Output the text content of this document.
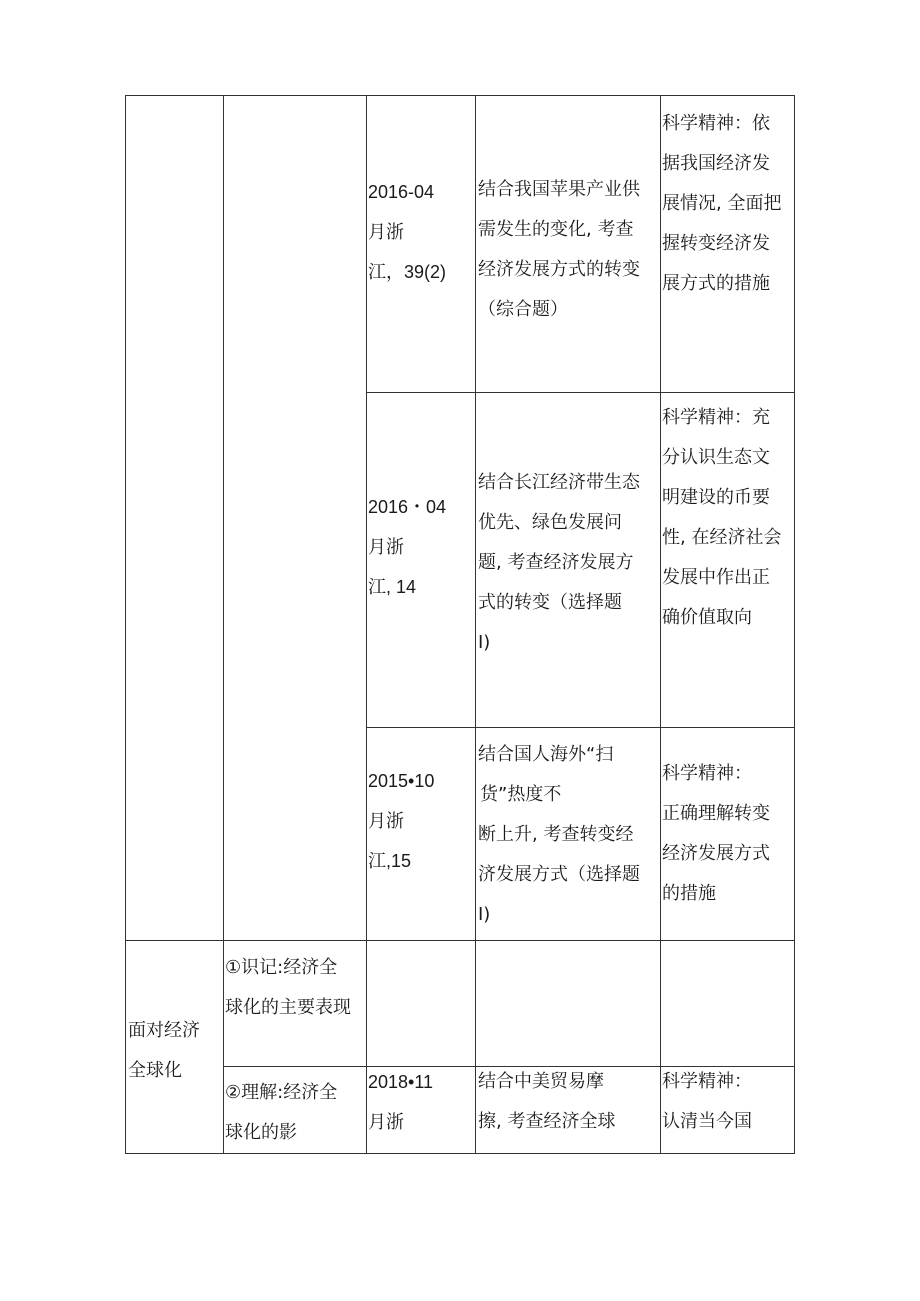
2016-04
月浙
江，39(2)
结合我国苹果产业供
需发生的变化, 考查
经济发展方式的转变
（综合题）
科学精神：依
据我国经济发
展情况, 全面把
握转变经济发
展方式的措施
2016・04
月浙
江, 14
结合长江经济带生态
优先、绿色发展问
题, 考查经济发展方
式的转变（选择题
I)
科学精神：充
分认识生态文
明建设的币要
性, 在经济社会
发展中作出正
确价值取向
2015•10
月浙
江,15
结合国人海外“扫
货”热度不
断上升, 考查转变经
济发展方式（选择题
I)
科学精神：
正确理解转变
经济发展方式
的措施
面对经济
全球化
①识记:经济全
球化的主要表现
②理解:经济全
球化的影
2018•11
月浙
结合中美贸易摩
擦, 考查经济全球
科学精神：
认清当今国
